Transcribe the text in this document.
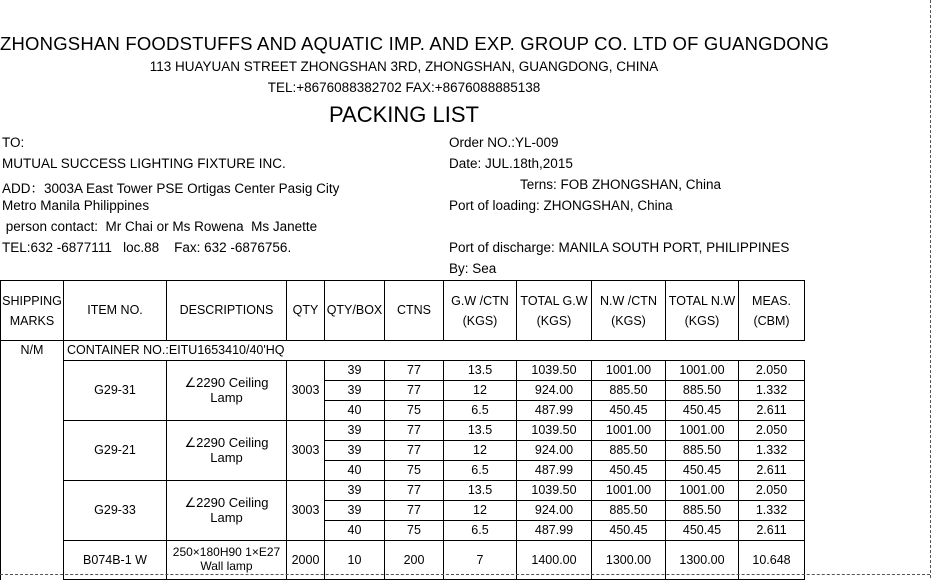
ZHONGSHAN FOODSTUFFS AND AQUATIC IMP. AND EXP. GROUP CO. LTD OF GUANGDONG
113 HUAYUAN STREET ZHONGSHAN 3RD, ZHONGSHAN, GUANGDONG, CHINA
TEL:+8676088382702 FAX:+8676088885138
PACKING LIST
TO:
MUTUAL SUCCESS LIGHTING FIXTURE INC.
ADD：3003A East Tower PSE Ortigas Center Pasig City
Metro Manila Philippines
person contact:  Mr Chai or Ms Rowena  Ms Janette
TEL:632 -6877111   loc.88    Fax: 632 -6876756.
Order NO.:YL-009
Date: JUL.18th,2015
Terns: FOB ZHONGSHAN, China
Port of loading: ZHONGSHAN, China
Port of discharge: MANILA SOUTH PORT, PHILIPPINES
By: Sea
SHIPPING MARKS	ITEM NO.	DESCRIPTIONS	QTY	QTY/BOX	CTNS	G.W /CTN (KGS)	TOTAL G.W (KGS)	N.W /CTN (KGS)	TOTAL N.W (KGS)	MEAS. (CBM)
N/M	CONTAINER NO.:EITU1653410/40'HQ									
	G29-31	∠2290 Ceiling Lamp	3003	39	77	13.5	1039.50	1001.00	1001.00	2.050
				39	77	12	924.00	885.50	885.50	1.332
				40	75	6.5	487.99	450.45	450.45	2.611
	G29-21	∠2290 Ceiling Lamp	3003	39	77	13.5	1039.50	1001.00	1001.00	2.050
				39	77	12	924.00	885.50	885.50	1.332
				40	75	6.5	487.99	450.45	450.45	2.611
	G29-33	∠2290 Ceiling Lamp	3003	39	77	13.5	1039.50	1001.00	1001.00	2.050
				39	77	12	924.00	885.50	885.50	1.332
				40	75	6.5	487.99	450.45	450.45	2.611
	B074B-1 W	250×180H90 1×E27 Wall lamp	2000	10	200	7	1400.00	1300.00	1300.00	10.648
